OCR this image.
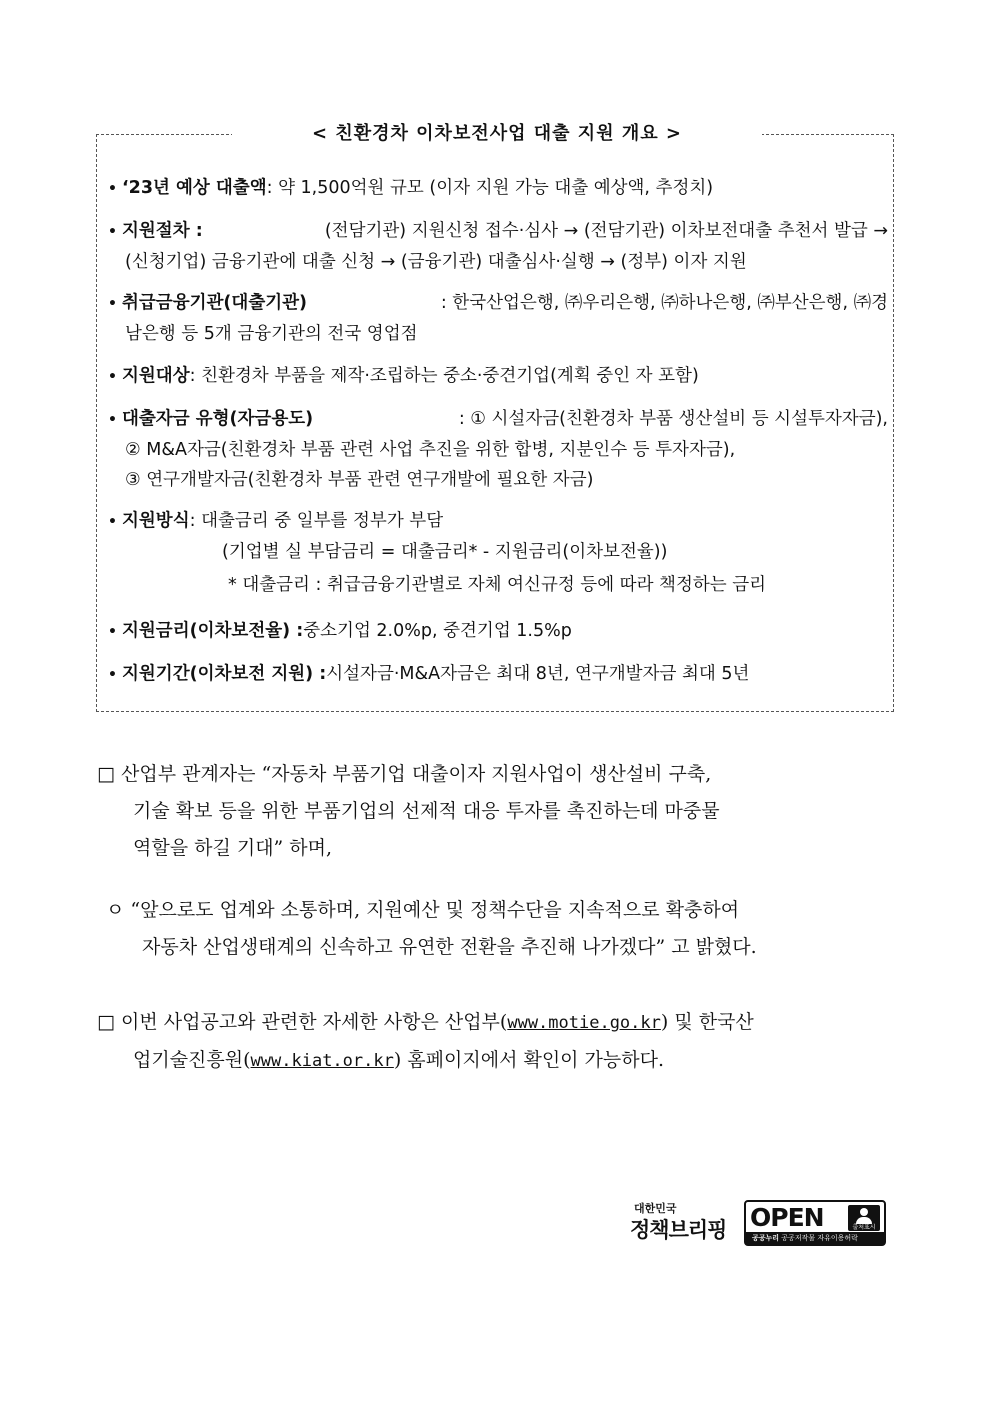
< 친환경차 이차보전사업 대출 지원 개요 >
• ‘23년 예상 대출액 : 약 1,500억원 규모 (이자 지원 가능 대출 예상액, 추정치)
• 지원절차 :	(전담기관) 지원신청 접수·심사 → (전담기관) 이차보전대출 추천서 발급 →
(신청기업) 금융기관에 대출 신청 → (금융기관) 대출심사·실행 → (정부) 이자 지원
• 취급금융기관(대출기관)	: 한국산업은행, ㈜우리은행, ㈜하나은행, ㈜부산은행, ㈜경
남은행 등 5개 금융기관의 전국 영업점
• 지원대상 : 친환경차 부품을 제작·조립하는 중소·중견기업(계획 중인 자 포함)
• 대출자금 유형(자금용도)	: ① 시설자금(친환경차 부품 생산설비 등 시설투자자금),
② M&A자금(친환경차 부품 관련 사업 추진을 위한 합병, 지분인수 등 투자자금),
③ 연구개발자금(친환경차 부품 관련 연구개발에 필요한 자금)
• 지원방식 : 대출금리 중 일부를 정부가 부담
(기업별 실 부담금리 = 대출금리* - 지원금리(이차보전율))
* 대출금리 : 취급금융기관별로 자체 여신규정 등에 따라 책정하는 금리
• 지원금리(이차보전율) : 중소기업 2.0%p, 중견기업 1.5%p
• 지원기간(이차보전 지원) : 시설자금·M&A자금은 최대 8년, 연구개발자금 최대 5년
□ 산업부 관계자는 “자동차 부품기업 대출이자 지원사업이 생산설비 구축,
기술 확보 등을 위한 부품기업의 선제적 대응 투자를 촉진하는데 마중물
역할을 하길 기대” 하며,
ㅇ “앞으로도 업계와 소통하며, 지원예산 및 정책수단을 지속적으로 확충하여
자동차 산업생태계의 신속하고 유연한 전환을 추진해 나가겠다” 고 밝혔다.
□ 이번 사업공고와 관련한 자세한 사항은 산업부(www.motie.go.kr) 및 한국산
업기술진흥원(www.kiat.or.kr) 홈페이지에서 확인이 가능하다.
대한민국
정책브리핑 OPEN	출처표시
공공누리 공공저작물 자유이용허락
